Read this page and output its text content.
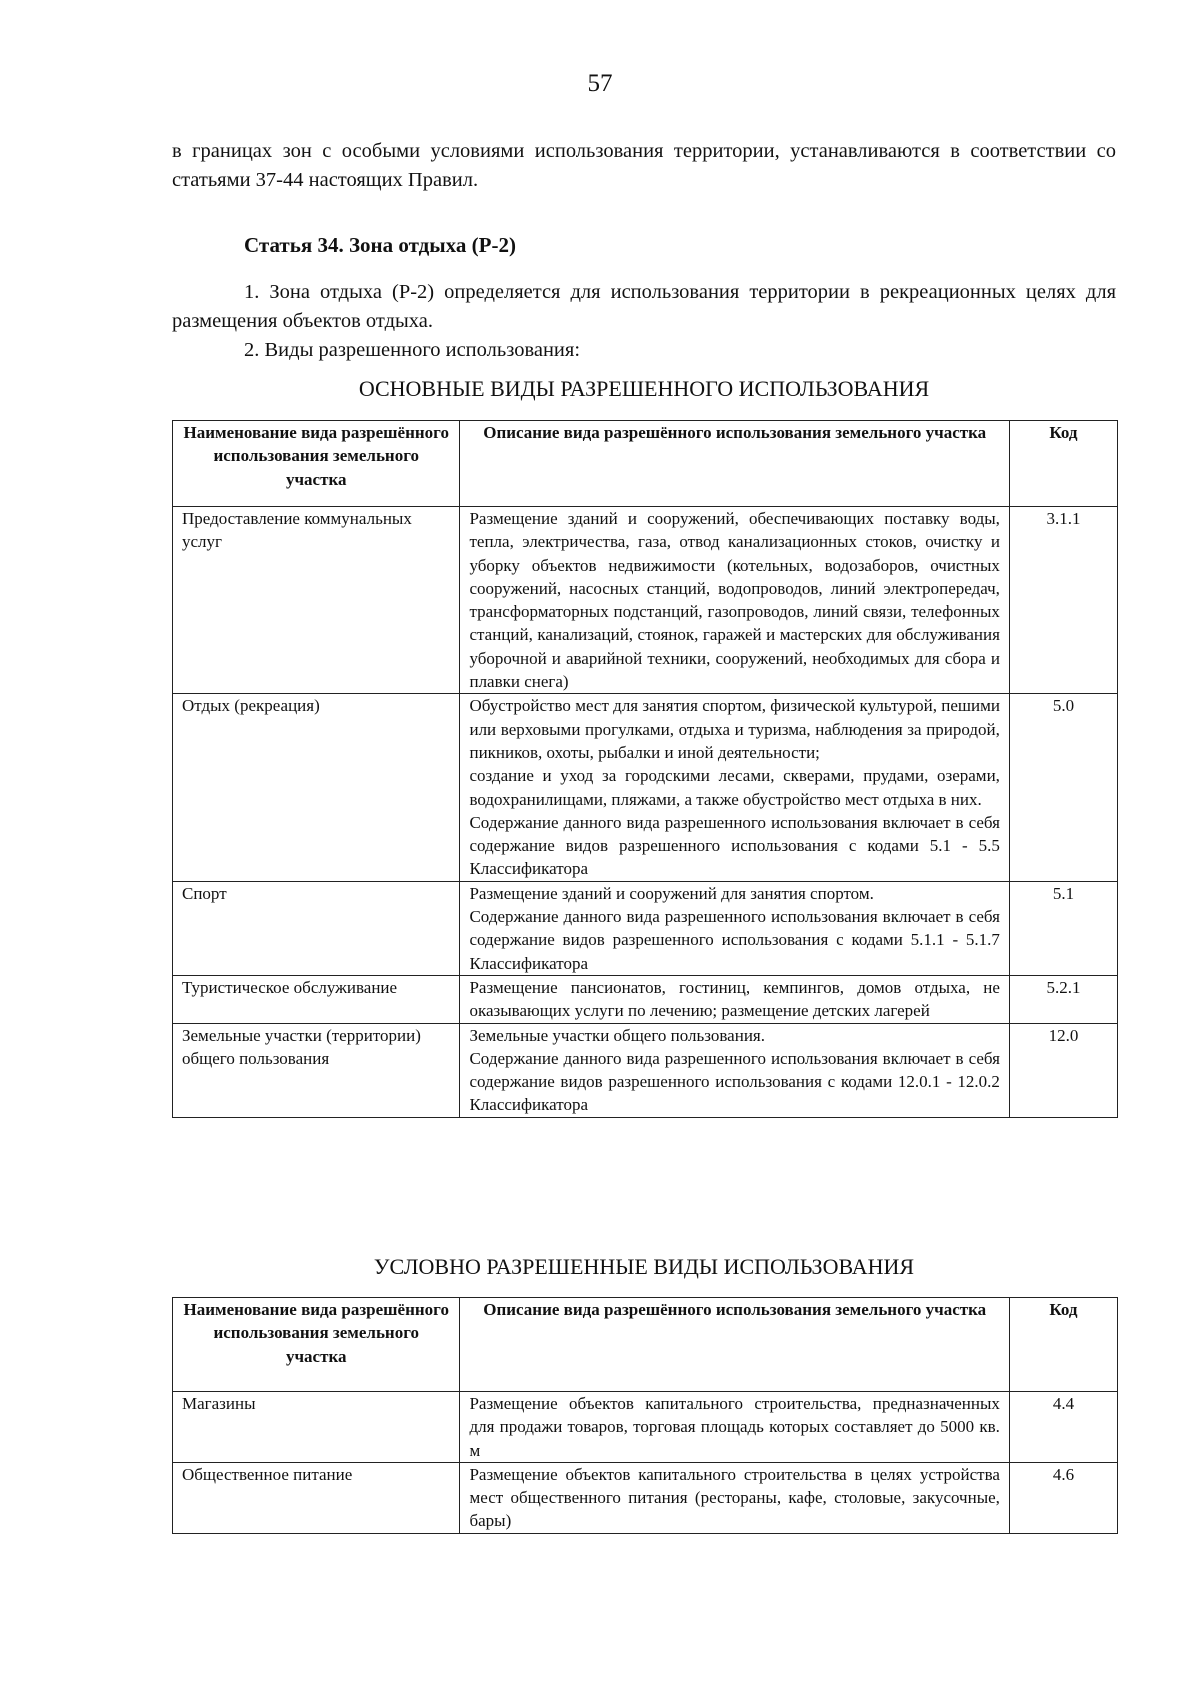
57
в границах зон с особыми условиями использования территории, устанавливаются в соответствии со статьями 37-44 настоящих Правил.
Статья 34. Зона отдыха (Р-2)
1. Зона отдыха (Р-2) определяется для использования территории в рекреационных целях для размещения объектов отдыха.
2. Виды разрешенного использования:
ОСНОВНЫЕ ВИДЫ РАЗРЕШЕННОГО ИСПОЛЬЗОВАНИЯ
Наименование вида разрешённого использования земельного участка	Описание вида разрешённого использования земельного участка	Код
Предоставление коммунальных услуг	Размещение зданий и сооружений, обеспечивающих поставку воды, тепла, электричества, газа, отвод канализационных стоков, очистку и уборку объектов недвижимости (котельных, водозаборов, очистных сооружений, насосных станций, водопроводов, линий электропередач, трансформаторных подстанций, газопроводов, линий связи, телефонных станций, канализаций, стоянок, гаражей и мастерских для обслуживания уборочной и аварийной техники, сооружений, необходимых для сбора и плавки снега)	3.1.1
Отдых (рекреация)	Обустройство мест для занятия спортом, физической культурой, пешими или верховыми прогулками, отдыха и туризма, наблюдения за природой, пикников, охоты, рыбалки и иной деятельности;
создание и уход за городскими лесами, скверами, прудами, озерами, водохранилищами, пляжами, а также обустройство мест отдыха в них.
Содержание данного вида разрешенного использования включает в себя содержание видов разрешенного использования с кодами 5.1 - 5.5 Классификатора	5.0
Спорт	Размещение зданий и сооружений для занятия спортом.
Содержание данного вида разрешенного использования включает в себя содержание видов разрешенного использования с кодами 5.1.1 - 5.1.7 Классификатора	5.1
Туристическое обслуживание	Размещение пансионатов, гостиниц, кемпингов, домов отдыха, не оказывающих услуги по лечению; размещение детских лагерей	5.2.1
Земельные участки (территории) общего пользования	Земельные участки общего пользования.
Содержание данного вида разрешенного использования включает в себя содержание видов разрешенного использования с кодами 12.0.1 - 12.0.2 Классификатора	12.0
УСЛОВНО РАЗРЕШЕННЫЕ ВИДЫ ИСПОЛЬЗОВАНИЯ
Наименование вида разрешённого использования земельного участка	Описание вида разрешённого использования земельного участка	Код
Магазины	Размещение объектов капитального строительства, предназначенных для продажи товаров, торговая площадь которых составляет до 5000 кв. м	4.4
Общественное питание	Размещение объектов капитального строительства в целях устройства мест общественного питания (рестораны, кафе, столовые, закусочные, бары)	4.6
